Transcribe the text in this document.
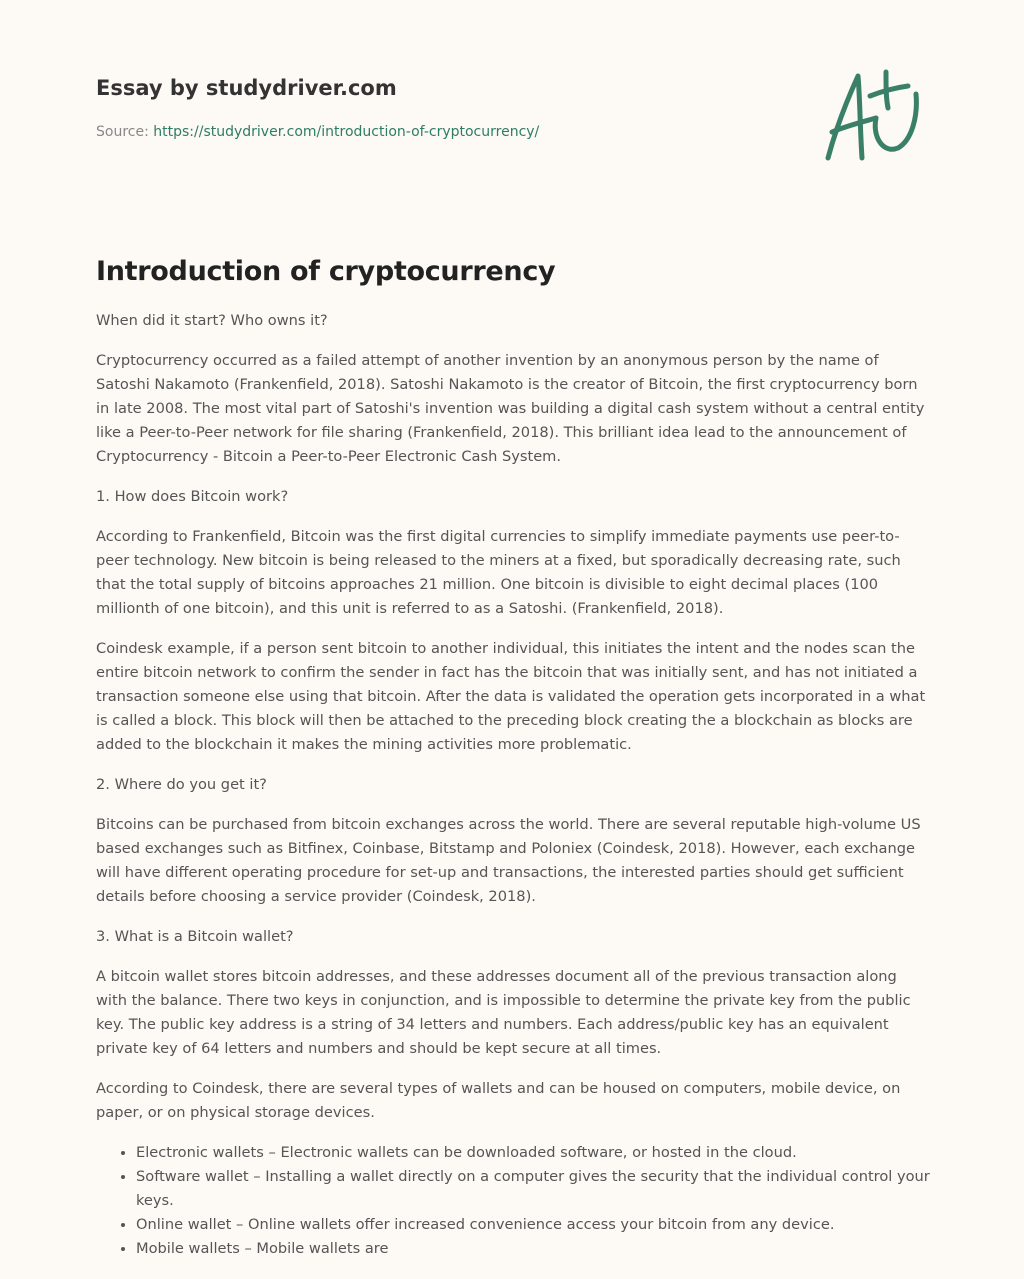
Essay by studydriver.com
Source: https://studydriver.com/introduction-of-cryptocurrency/
Introduction of cryptocurrency

When did it start? Who owns it?

Cryptocurrency occurred as a failed attempt of another invention by an anonymous person by the name of Satoshi Nakamoto (Frankenfield, 2018). Satoshi Nakamoto is the creator of Bitcoin, the first cryptocurrency born in late 2008. The most vital part of Satoshi's invention was building a digital cash system without a central entity like a Peer-to-Peer network for file sharing (Frankenfield, 2018). This brilliant idea lead to the announcement of Cryptocurrency - Bitcoin a Peer-to-Peer Electronic Cash System.

1. How does Bitcoin work?

According to Frankenfield, Bitcoin was the first digital currencies to simplify immediate payments use peer-to-peer technology. New bitcoin is being released to the miners at a fixed, but sporadically decreasing rate, such that the total supply of bitcoins approaches 21 million. One bitcoin is divisible to eight decimal places (100 millionth of one bitcoin), and this unit is referred to as a Satoshi. (Frankenfield, 2018).

Coindesk example, if a person sent bitcoin to another individual, this initiates the intent and the nodes scan the entire bitcoin network to confirm the sender in fact has the bitcoin that was initially sent, and has not initiated a transaction someone else using that bitcoin. After the data is validated the operation gets incorporated in a what is called a block. This block will then be attached to the preceding block creating the a blockchain as blocks are added to the blockchain it makes the mining activities more problematic.

2. Where do you get it?

Bitcoins can be purchased from bitcoin exchanges across the world. There are several reputable high-volume US based exchanges such as Bitfinex, Coinbase, Bitstamp and Poloniex (Coindesk, 2018). However, each exchange will have different operating procedure for set-up and transactions, the interested parties should get sufficient details before choosing a service provider (Coindesk, 2018).

3. What is a Bitcoin wallet?

A bitcoin wallet stores bitcoin addresses, and these addresses document all of the previous transaction along with the balance. There two keys in conjunction, and is impossible to determine the private key from the public key. The public key address is a string of 34 letters and numbers. Each address/public key has an equivalent private key of 64 letters and numbers and should be kept secure at all times.

According to Coindesk, there are several types of wallets and can be housed on computers, mobile device, on paper, or on physical storage devices.

• Electronic wallets – Electronic wallets can be downloaded software, or hosted in the cloud.
• Software wallet – Installing a wallet directly on a computer gives the security that the individual control your keys.
• Online wallet – Online wallets offer increased convenience access your bitcoin from any device.
• Mobile wallets – Mobile wallets are
